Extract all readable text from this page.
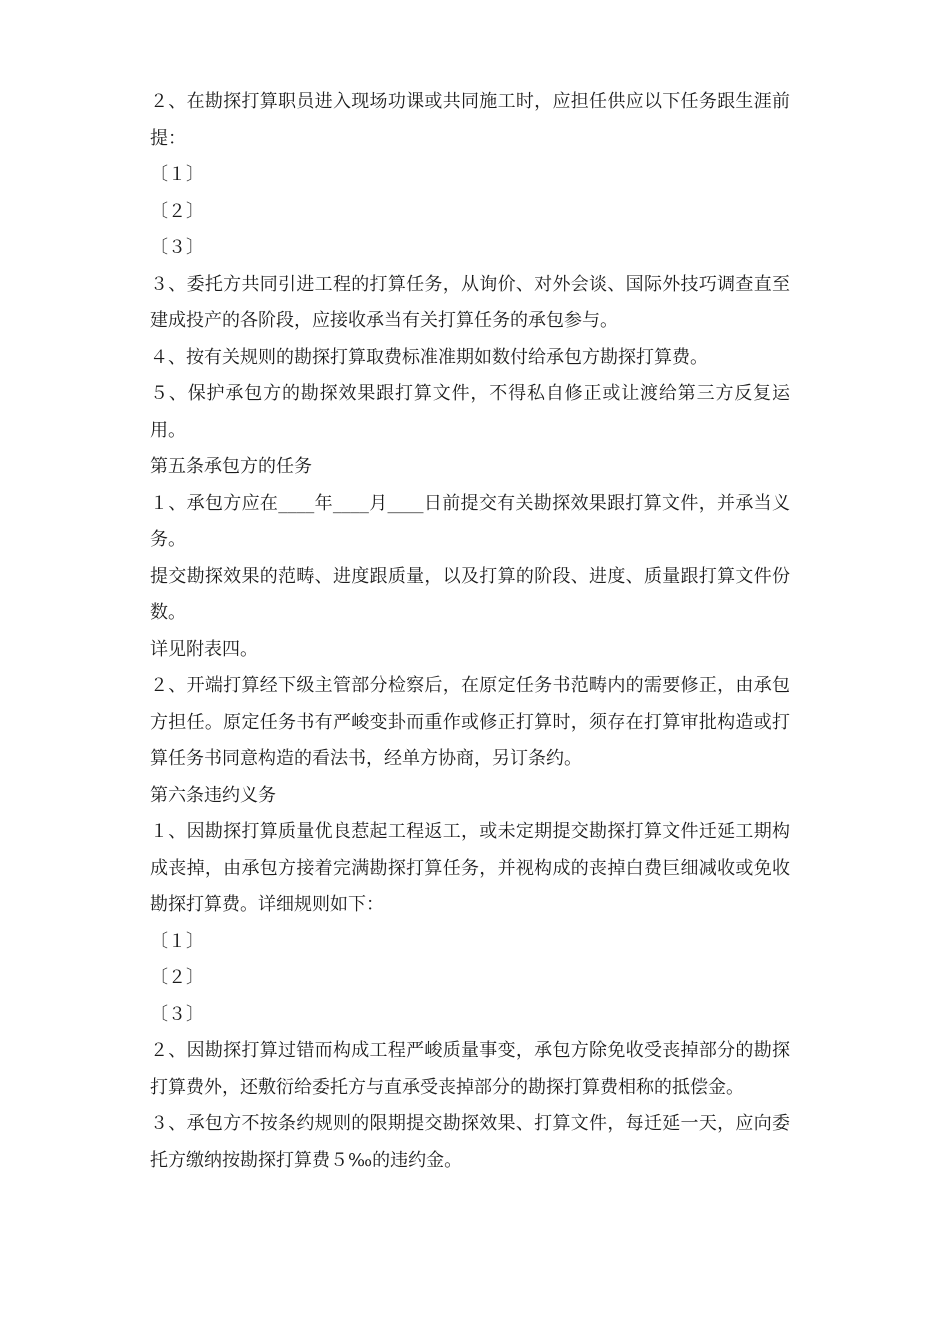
２、在勘探打算职员进入现场功课或共同施工时，应担任供应以下任务跟生涯前提：

〔１〕

〔２〕

〔３〕

３、委托方共同引进工程的打算任务，从询价、对外会谈、国际外技巧调查直至建成投产的各阶段，应接收承当有关打算任务的承包参与。

４、按有关规则的勘探打算取费标准准期如数付给承包方勘探打算费。

５、保护承包方的勘探效果跟打算文件，不得私自修正或让渡给第三方反复运用。

第五条承包方的任务

１、承包方应在____年____月____日前提交有关勘探效果跟打算文件，并承当义务。

提交勘探效果的范畴、进度跟质量，以及打算的阶段、进度、质量跟打算文件份数。

详见附表四。

２、开端打算经下级主管部分检察后，在原定任务书范畴内的需要修正，由承包方担任。原定任务书有严峻变卦而重作或修正打算时，须存在打算审批构造或打算任务书同意构造的看法书，经单方协商，另订条约。

第六条违约义务

１、因勘探打算质量优良惹起工程返工，或未定期提交勘探打算文件迁延工期构成丧掉，由承包方接着完满勘探打算任务，并视构成的丧掉白费巨细减收或免收勘探打算费。详细规则如下：

〔１〕

〔２〕

〔３〕

２、因勘探打算过错而构成工程严峻质量事变，承包方除免收受丧掉部分的勘探打算费外，还敷衍给委托方与直承受丧掉部分的勘探打算费相称的抵偿金。

３、承包方不按条约规则的限期提交勘探效果、打算文件，每迁延一天，应向委托方缴纳按勘探打算费５‰的违约金。
